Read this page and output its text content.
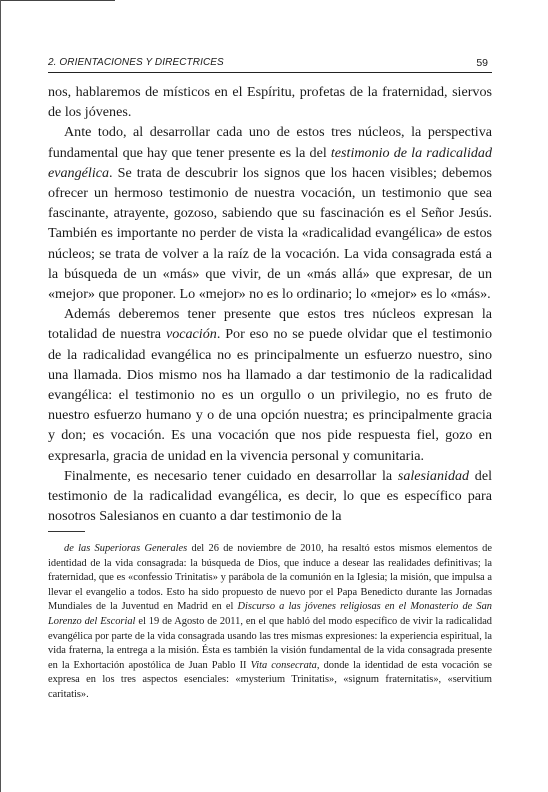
2. ORIENTACIONES Y DIRECTRICES	59

nos, hablaremos de místicos en el Espíritu, profetas de la fraternidad, siervos de los jóvenes.

Ante todo, al desarrollar cada uno de estos tres núcleos, la perspectiva fundamental que hay que tener presente es la del testimonio de la radicalidad evangélica. Se trata de descubrir los signos que los hacen visibles; debemos ofrecer un hermoso testimonio de nuestra vocación, un testimonio que sea fascinante, atrayente, gozoso, sabiendo que su fascinación es el Señor Jesús. También es importante no perder de vista la «radicalidad evangélica» de estos núcleos; se trata de volver a la raíz de la vocación. La vida consagrada está a la búsqueda de un «más» que vivir, de un «más allá» que expresar, de un «mejor» que proponer. Lo «mejor» no es lo ordinario; lo «mejor» es lo «más».

Además deberemos tener presente que estos tres núcleos expresan la totalidad de nuestra vocación. Por eso no se puede olvidar que el testimonio de la radicalidad evangélica no es principalmente un esfuerzo nuestro, sino una llamada. Dios mismo nos ha llamado a dar testimonio de la radicalidad evangélica: el testimonio no es un orgullo o un privilegio, no es fruto de nuestro esfuerzo humano y o de una opción nuestra; es principalmente gracia y don; es vocación. Es una vocación que nos pide respuesta fiel, gozo en expresarla, gracia de unidad en la vivencia personal y comunitaria.

Finalmente, es necesario tener cuidado en desarrollar la salesianidad del testimonio de la radicalidad evangélica, es decir, lo que es específico para nosotros Salesianos en cuanto a dar testimonio de la

de las Superioras Generales del 26 de noviembre de 2010, ha resaltó estos mismos elementos de identidad de la vida consagrada: la búsqueda de Dios, que induce a desear las realidades definitivas; la fraternidad, que es «confessio Trinitatis» y parábola de la comunión en la Iglesia; la misión, que impulsa a llevar el evangelio a todos. Esto ha sido propuesto de nuevo por el Papa Benedicto durante las Jornadas Mundiales de la Juventud en Madrid en el Discurso a las jóvenes religiosas en el Monasterio de San Lorenzo del Escorial el 19 de Agosto de 2011, en el que habló del modo específico de vivir la radicalidad evangélica por parte de la vida consagrada usando las tres mismas expresiones: la experiencia espiritual, la vida fraterna, la entrega a la misión. Ésta es también la visión fundamental de la vida consagrada presente en la Exhortación apostólica de Juan Pablo II Vita consecrata, donde la identidad de esta vocación se expresa en los tres aspectos esenciales: «mysterium Trinitatis», «signum fraternitatis», «servitium caritatis».
